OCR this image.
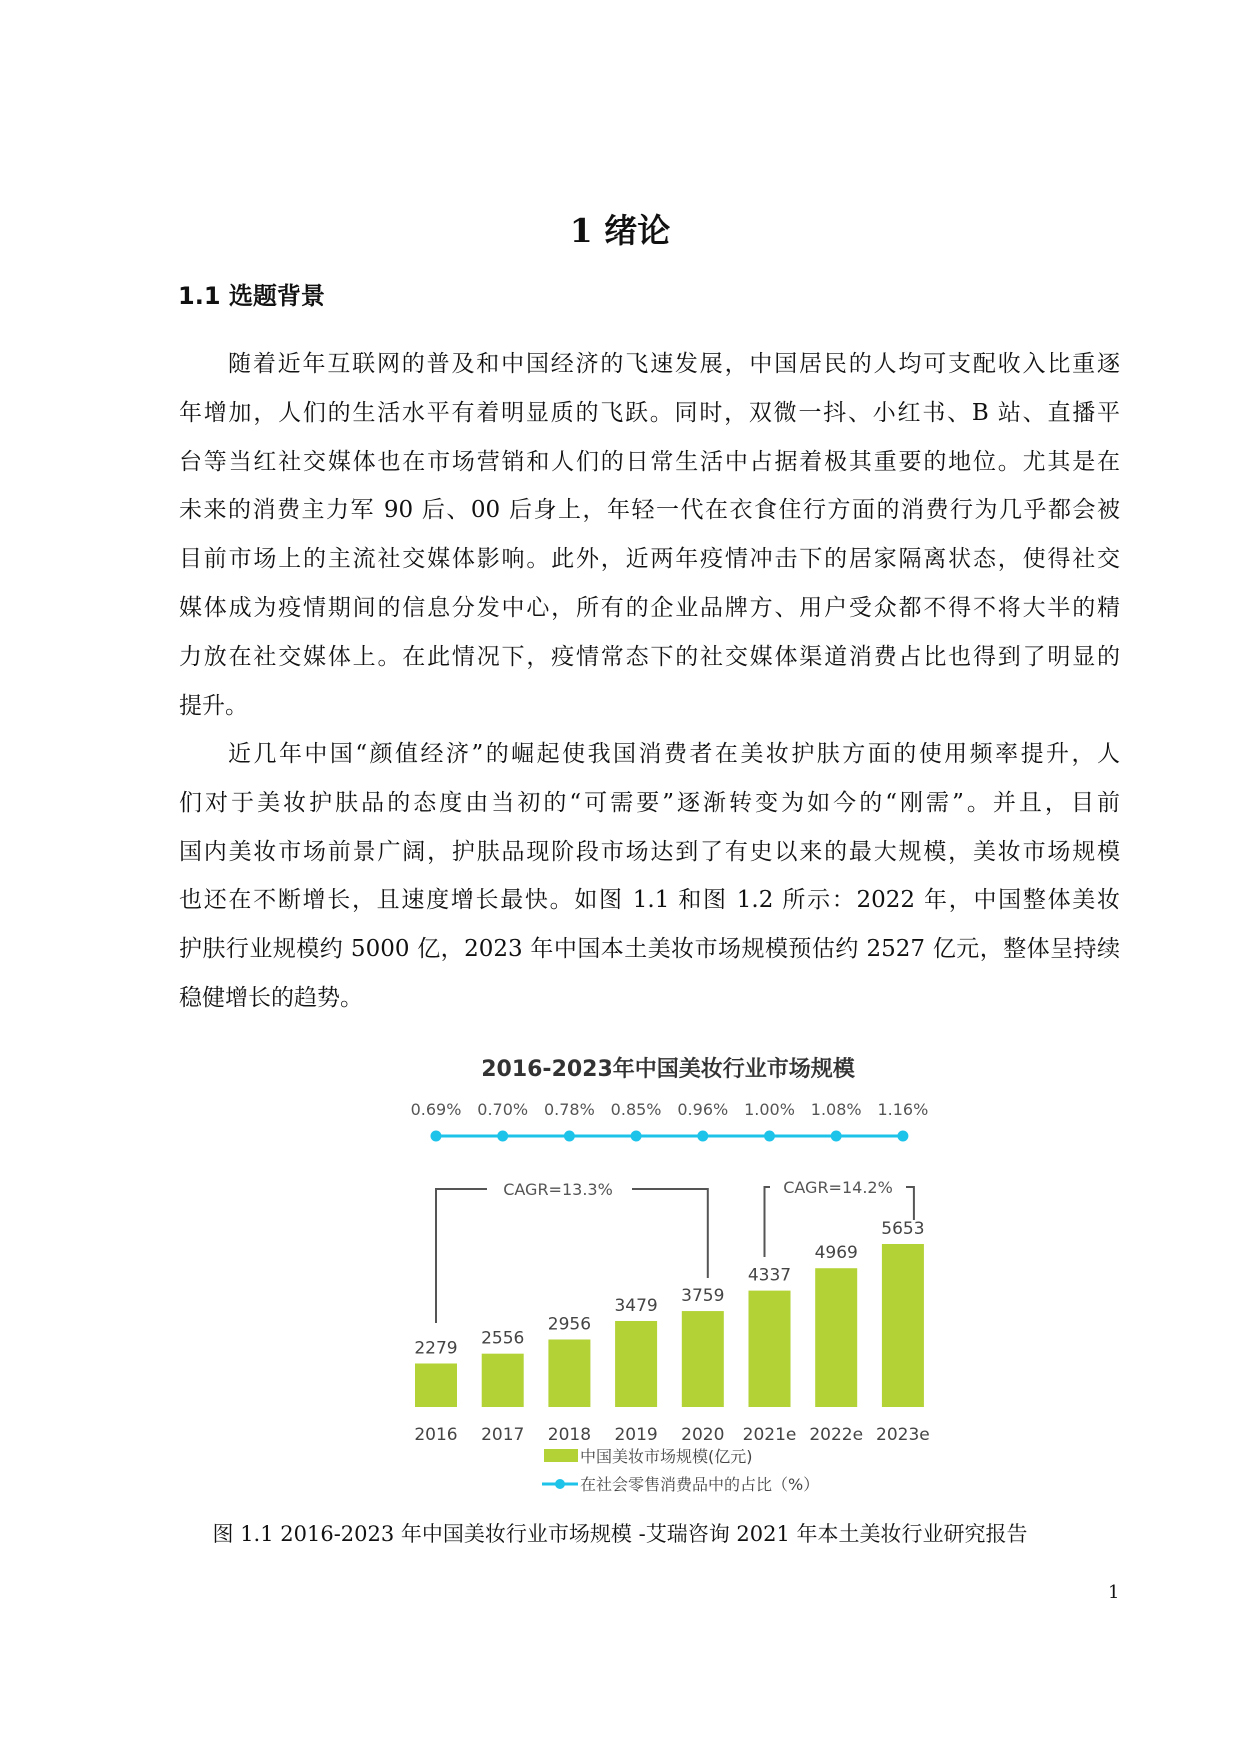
1 绪论
1.1 选题背景
随着近年互联网的普及和中国经济的飞速发展，中国居民的人均可支配收入比重逐
年增加，人们的生活水平有着明显质的飞跃。同时，双微一抖、小红书、B 站、直播平
台等当红社交媒体也在市场营销和人们的日常生活中占据着极其重要的地位。尤其是在
未来的消费主力军 90 后、00 后身上，年轻一代在衣食住行方面的消费行为几乎都会被
目前市场上的主流社交媒体影响。此外，近两年疫情冲击下的居家隔离状态，使得社交
媒体成为疫情期间的信息分发中心，所有的企业品牌方、用户受众都不得不将大半的精
力放在社交媒体上。在此情况下，疫情常态下的社交媒体渠道消费占比也得到了明显的
提升。
近几年中国“颜值经济”的崛起使我国消费者在美妆护肤方面的使用频率提升，人
们对于美妆护肤品的态度由当初的“可需要”逐渐转变为如今的“刚需”。并且，目前
国内美妆市场前景广阔，护肤品现阶段市场达到了有史以来的最大规模，美妆市场规模
也还在不断增长，且速度增长最快。如图 1.1 和图 1.2 所示：2022 年，中国整体美妆
护肤行业规模约 5000 亿，2023 年中国本土美妆市场规模预估约 2527 亿元，整体呈持续
稳健增长的趋势。
2016-2023年中国美妆行业市场规模
0.69%
2279
2016
0.70%
2556
2017
0.78%
2956
2018
0.85%
3479
2019
0.96%
3759
2020
1.00%
4337
2021e
1.08%
4969
2022e
1.16%
5653
2023e
CAGR=13.3%	CAGR=14.2%
中国美妆市场规模(亿元)
在社会零售消费品中的占比（%）
图 1.1 2016-2023 年中国美妆行业市场规模 -艾瑞咨询 2021 年本土美妆行业研究报告
1
